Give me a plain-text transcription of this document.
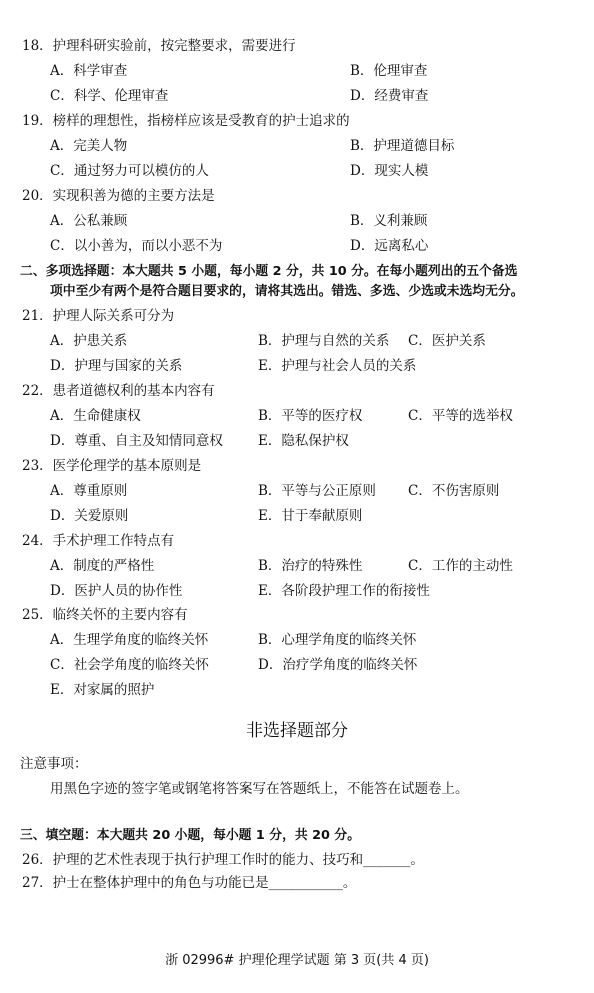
18．护理科研实验前，按完整要求，需要进行
A．科学审查	B．伦理审查
C．科学、伦理审查	D．经费审查
19．榜样的理想性，指榜样应该是受教育的护士追求的
A．完美人物	B．护理道德目标
C．通过努力可以模仿的人	D．现实人模
20．实现积善为德的主要方法是
A．公私兼顾	B．义利兼顾
C．以小善为，而以小恶不为	D．远离私心
二、多项选择题：本大题共 5 小题，每小题 2 分，共 10 分。在每小题列出的五个备选
项中至少有两个是符合题目要求的，请将其选出。错选、多选、少选或未选均无分。
21．护理人际关系可分为
A．护患关系	B．护理与自然的关系 C．医护关系
D．护理与国家的关系	E．护理与社会人员的关系
22．患者道德权利的基本内容有
A．生命健康权	B．平等的医疗权	C．平等的选举权
D．尊重、自主及知情同意权	E．隐私保护权
23．医学伦理学的基本原则是
A．尊重原则	B．平等与公正原则 C．不伤害原则
D．关爱原则	E．甘于奉献原则
24．手术护理工作特点有
A．制度的严格性	B．治疗的特殊性	C．工作的主动性
D．医护人员的协作性	E．各阶段护理工作的衔接性
25．临终关怀的主要内容有
A．生理学角度的临终关怀	B．心理学角度的临终关怀
C．社会学角度的临终关怀	D．治疗学角度的临终关怀
E．对家属的照护
非选择题部分
注意事项：
用黑色字迹的签字笔或钢笔将答案写在答题纸上，不能答在试题卷上。
三、填空题：本大题共 20 小题，每小题 1 分，共 20 分。
26．护理的艺术性表现于执行护理工作时的能力、技巧和_______。
27．护士在整体护理中的角色与功能已是___________。
浙 02996# 护理伦理学试题 第 3 页(共 4 页)
